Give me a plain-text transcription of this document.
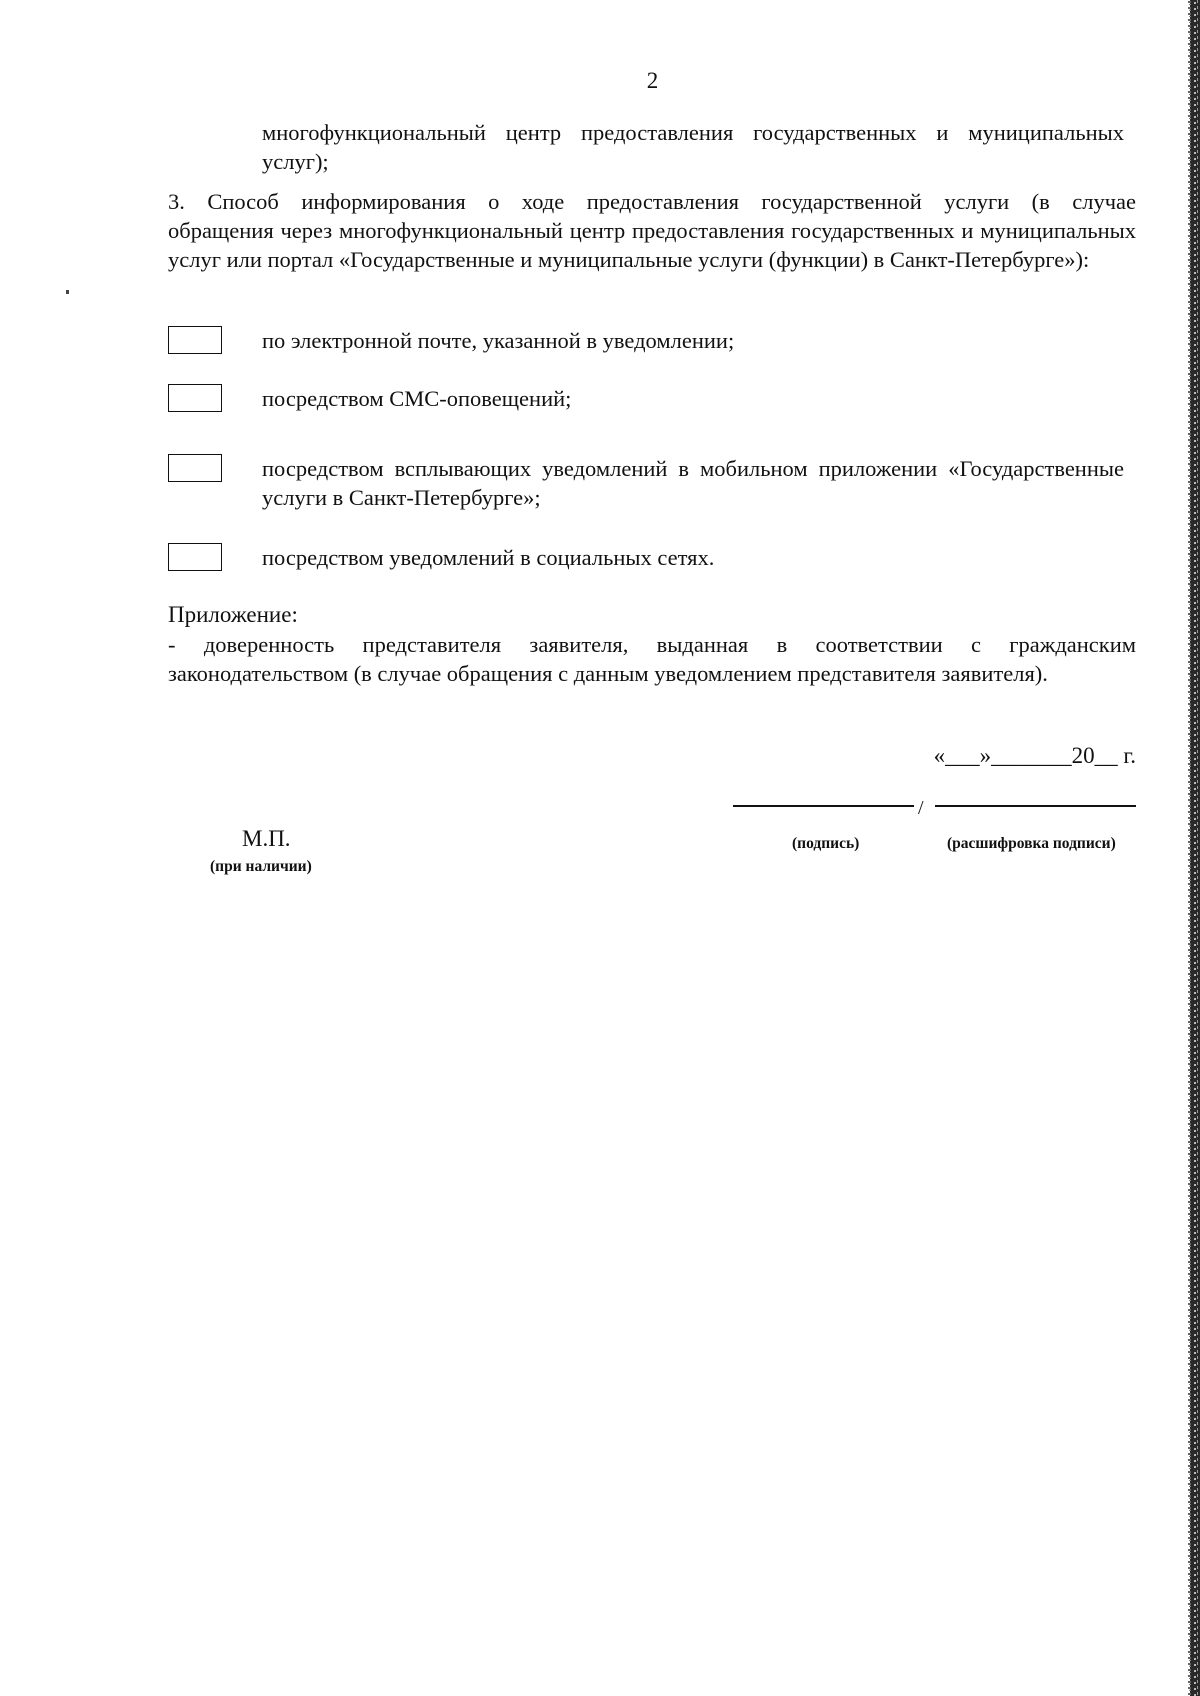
2
многофункциональный центр предоставления государственных и муниципальных услуг);
3. Способ информирования о ходе предоставления государственной услуги (в случае
обращения через многофункциональный центр предоставления государственных и муниципальных услуг или портал «Государственные и муниципальные услуги (функции) в Санкт-Петербурге»):
по электронной почте, указанной в уведомлении;
посредством СМС-оповещений;
посредством всплывающих уведомлений в мобильном приложении «Государственные услуги в Санкт-Петербурге»;
посредством уведомлений в социальных сетях.
Приложение:
- доверенность представителя заявителя, выданная в соответствии с гражданским законодательством (в случае обращения с данным уведомлением представителя заявителя).
«___»_______20__ г.
/
(подпись)	(расшифровка подписи)
М.П.
(при наличии)
